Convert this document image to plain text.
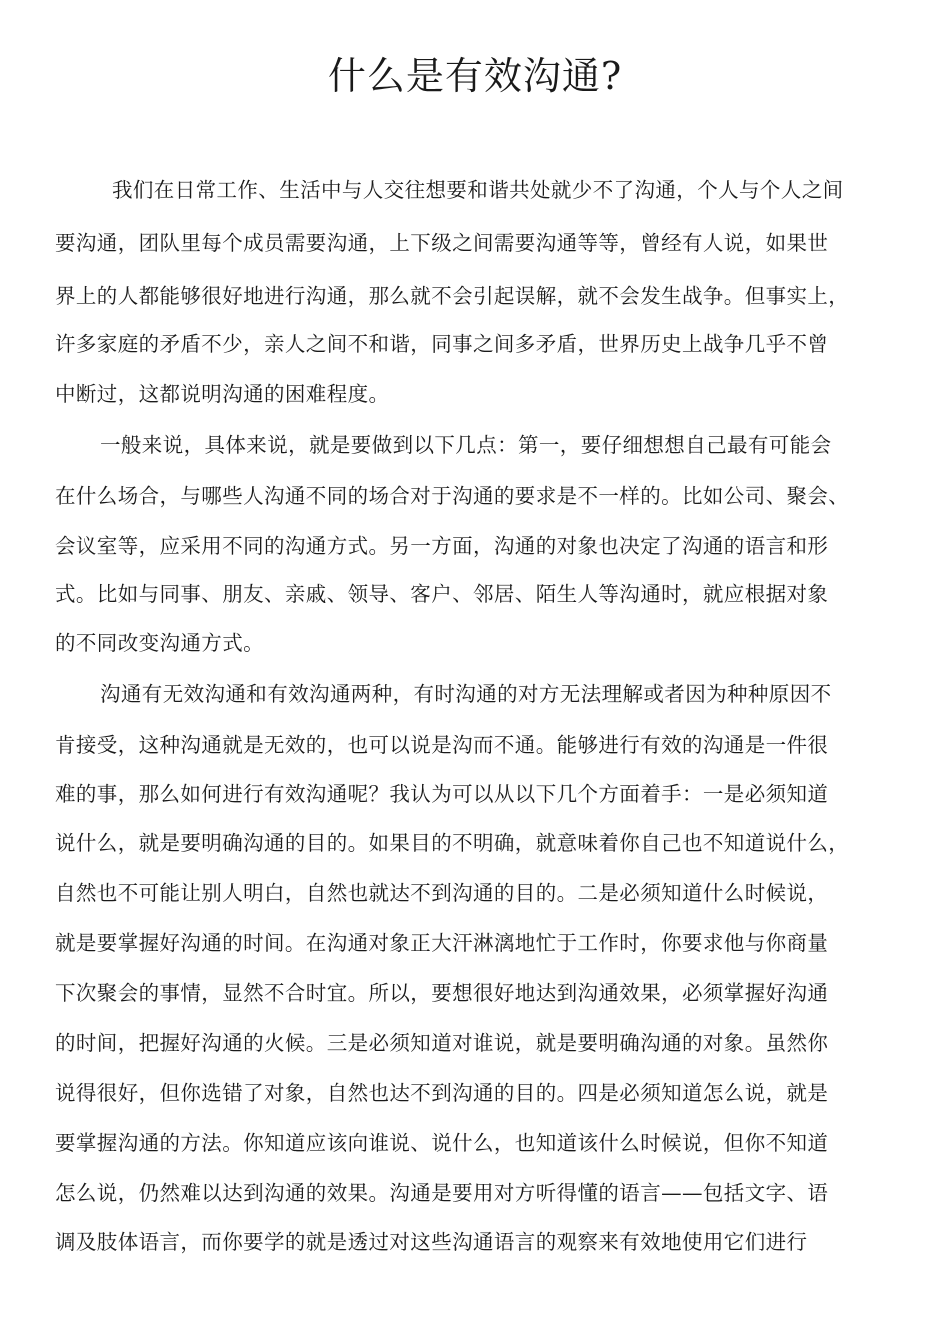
什么是有效沟通?

我们在日常工作、生活中与人交往想要和谐共处就少不了沟通，个人与个人之间

要沟通，团队里每个成员需要沟通，上下级之间需要沟通等等，曾经有人说，如果世

界上的人都能够很好地进行沟通，那么就不会引起误解，就不会发生战争。但事实上，

许多家庭的矛盾不少，亲人之间不和谐，同事之间多矛盾，世界历史上战争几乎不曾

中断过，这都说明沟通的困难程度。

一般来说，具体来说，就是要做到以下几点：第一，要仔细想想自己最有可能会

在什么场合，与哪些人沟通不同的场合对于沟通的要求是不一样的。比如公司、聚会、

会议室等，应采用不同的沟通方式。另一方面，沟通的对象也决定了沟通的语言和形

式。比如与同事、朋友、亲戚、领导、客户、邻居、陌生人等沟通时，就应根据对象

的不同改变沟通方式。

沟通有无效沟通和有效沟通两种，有时沟通的对方无法理解或者因为种种原因不

肯接受，这种沟通就是无效的，也可以说是沟而不通。能够进行有效的沟通是一件很

难的事，那么如何进行有效沟通呢？我认为可以从以下几个方面着手：一是必须知道

说什么，就是要明确沟通的目的。如果目的不明确，就意味着你自己也不知道说什么，

自然也不可能让别人明白，自然也就达不到沟通的目的。二是必须知道什么时候说，

就是要掌握好沟通的时间。在沟通对象正大汗淋漓地忙于工作时，你要求他与你商量

下次聚会的事情，显然不合时宜。所以，要想很好地达到沟通效果，必须掌握好沟通

的时间，把握好沟通的火候。三是必须知道对谁说，就是要明确沟通的对象。虽然你

说得很好，但你选错了对象，自然也达不到沟通的目的。四是必须知道怎么说，就是

要掌握沟通的方法。你知道应该向谁说、说什么，也知道该什么时候说，但你不知道

怎么说，仍然难以达到沟通的效果。沟通是要用对方听得懂的语言——包括文字、语

调及肢体语言，而你要学的就是透过对这些沟通语言的观察来有效地使用它们进行
